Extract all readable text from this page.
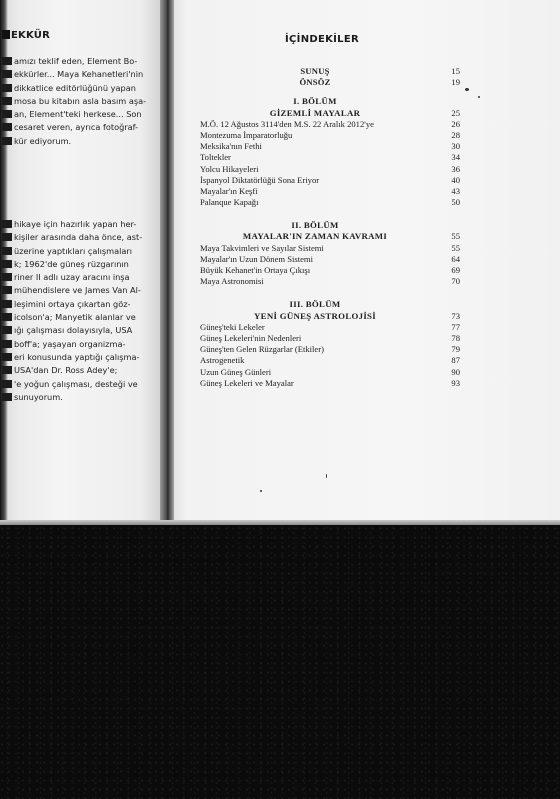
EKKÜR
amızı teklif eden, Element Bo-
ekkürler... Maya Kehanetleri'nin
dikkatlice editörlüğünü yapan
mosa bu kitabın asla basım aşa-
an, Element'teki herkese... Son
cesaret veren, ayrıca fotoğraf-
kür ediyorum.
hikaye için hazırlık yapan her-
kişiler arasında daha önce, ast-
üzerine yaptıkları çalışmaları
k; 1962'de güneş rüzgarının
riner II adlı uzay aracını inşa
mühendislere ve James Van Al-
leşimini ortaya çıkartan göz-
icolson'a; Manyetik alanlar ve
ığı çalışması dolayısıyla, USA
boff'a; yaşayan organizma-
eri konusunda yaptığı çalışma-
USA'dan Dr. Ross Adey'e;
'e yoğun çalışması, desteği ve
sunuyorum.
İÇİNDEKİLER
SUNUŞ	15
ÖNSÖZ	19
I. BÖLÜM
GİZEMLİ MAYALAR	25
M.Ö. 12 Ağustos 3114'den M.S. 22 Aralık 2012'ye	26
Montezuma İmparatorluğu	28
Meksika'nın Fethi	30
Toltekler	34
Yolcu Hikayeleri	36
İspanyol Diktatörlüğü Sona Eriyor	40
Mayalar'ın Keşfi	43
Palanque Kapağı	50
II. BÖLÜM
MAYALAR'IN ZAMAN KAVRAMI	55
Maya Takvimleri ve Sayılar Sistemi	55
Mayalar'ın Uzun Dönem Sistemi	64
Büyük Kehanet'in Ortaya Çıkışı	69
Maya Astronomisi	70
III. BÖLÜM
YENİ GÜNEŞ ASTROLOJİSİ	73
Güneş'teki Lekeler	77
Güneş Lekeleri'nin Nedenleri	78
Güneş'ten Gelen Rüzgarlar (Etkiler)	79
Astrogenetik	87
Uzun Güneş Günleri	90
Güneş Lekeleri ve Mayalar	93
